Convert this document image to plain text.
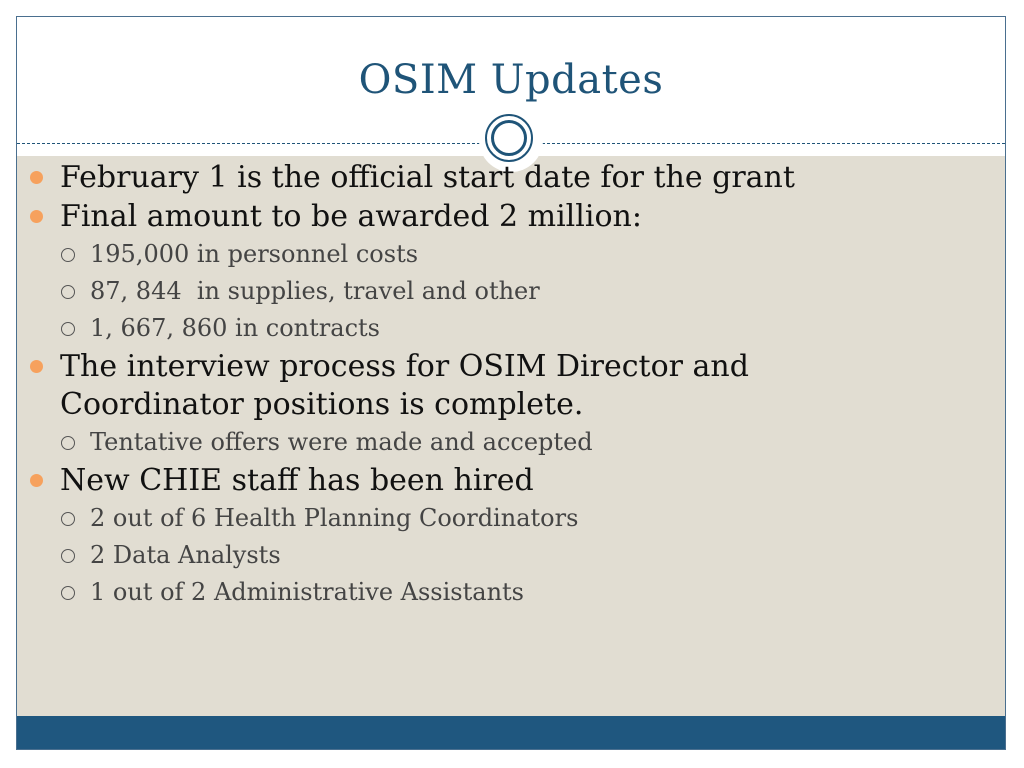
OSIM Updates
February 1 is the official start date for the grant
Final amount to be awarded 2 million:
195,000 in personnel costs
87, 844  in supplies, travel and other
1, 667, 860 in contracts
The interview process for OSIM Director and Coordinator positions is complete.
Tentative offers were made and accepted
New CHIE staff has been hired
2 out of 6 Health Planning Coordinators
2 Data Analysts
1 out of 2 Administrative Assistants
